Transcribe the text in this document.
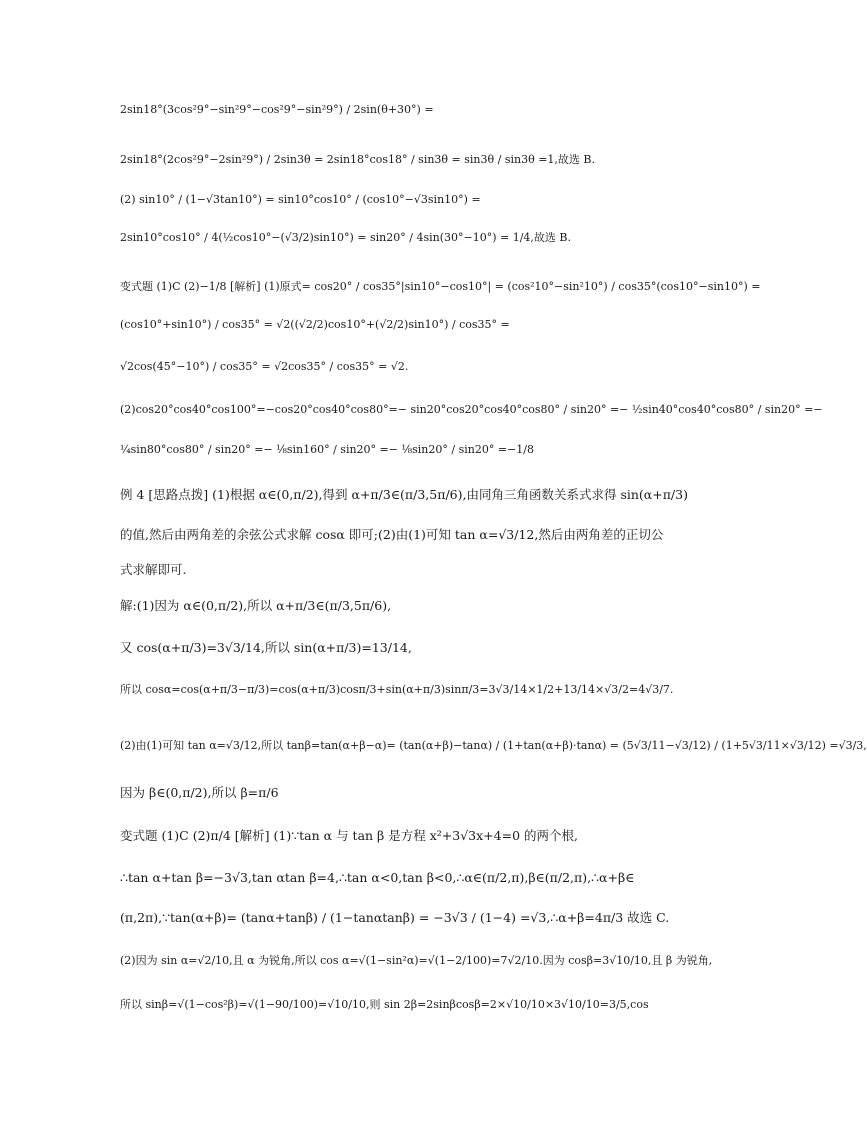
2sin18°(3cos²9°−sin²9°−cos²9°−sin²9°) / 2sin(θ+30°) =
2sin18°(2cos²9°−2sin²9°) / 2sin3θ = 2sin18°cos18° / sin3θ = sin3θ / sin3θ =1,故选 B.
(2) sin10° / (1−√3tan10°) = sin10°cos10° / (cos10°−√3sin10°) =
2sin10°cos10° / 4(½cos10°−(√3/2)sin10°) = sin20° / 4sin(30°−10°) = 1/4,故选 B.
变式题 (1)C (2)−1/8 [解析] (1)原式= cos20° / cos35°|sin10°−cos10°| = (cos²10°−sin²10°) / cos35°(cos10°−sin10°) =
(cos10°+sin10°) / cos35° = √2((√2/2)cos10°+(√2/2)sin10°) / cos35° =
√2cos(45°−10°) / cos35° = √2cos35° / cos35° = √2.
(2)cos20°cos40°cos100°=−cos20°cos40°cos80°=− sin20°cos20°cos40°cos80° / sin20° =− ½sin40°cos40°cos80° / sin20° =−
¼sin80°cos80° / sin20° =− ⅛sin160° / sin20° =− ⅛sin20° / sin20° =−1/8
例 4 [思路点拨] (1)根据 α∈(0,π/2),得到 α+π/3∈(π/3,5π/6),由同角三角函数关系式求得 sin(α+π/3)
的值,然后由两角差的余弦公式求解 cosα 即可;(2)由(1)可知 tan α=√3/12,然后由两角差的正切公
式求解即可.
解:(1)因为 α∈(0,π/2),所以 α+π/3∈(π/3,5π/6),
又 cos(α+π/3)=3√3/14,所以 sin(α+π/3)=13/14,
所以 cosα=cos(α+π/3−π/3)=cos(α+π/3)cosπ/3+sin(α+π/3)sinπ/3=3√3/14×1/2+13/14×√3/2=4√3/7.
(2)由(1)可知 tan α=√3/12,所以 tanβ=tan(α+β−α)= (tan(α+β)−tanα) / (1+tan(α+β)·tanα) = (5√3/11−√3/12) / (1+5√3/11×√3/12) =√3/3,
因为 β∈(0,π/2),所以 β=π/6
变式题 (1)C (2)π/4 [解析] (1)∵tan α 与 tan β 是方程 x²+3√3x+4=0 的两个根,
∴tan α+tan β=−3√3,tan αtan β=4,∴tan α<0,tan β<0,∴α∈(π/2,π),β∈(π/2,π),∴α+β∈
(π,2π),∵tan(α+β)= (tanα+tanβ) / (1−tanαtanβ) = −3√3 / (1−4) =√3,∴α+β=4π/3 故选 C.
(2)因为 sin α=√2/10,且 α 为锐角,所以 cos α=√(1−sin²α)=√(1−2/100)=7√2/10.因为 cosβ=3√10/10,且 β 为锐角,
所以 sinβ=√(1−cos²β)=√(1−90/100)=√10/10,则 sin 2β=2sinβcosβ=2×√10/10×3√10/10=3/5,cos
